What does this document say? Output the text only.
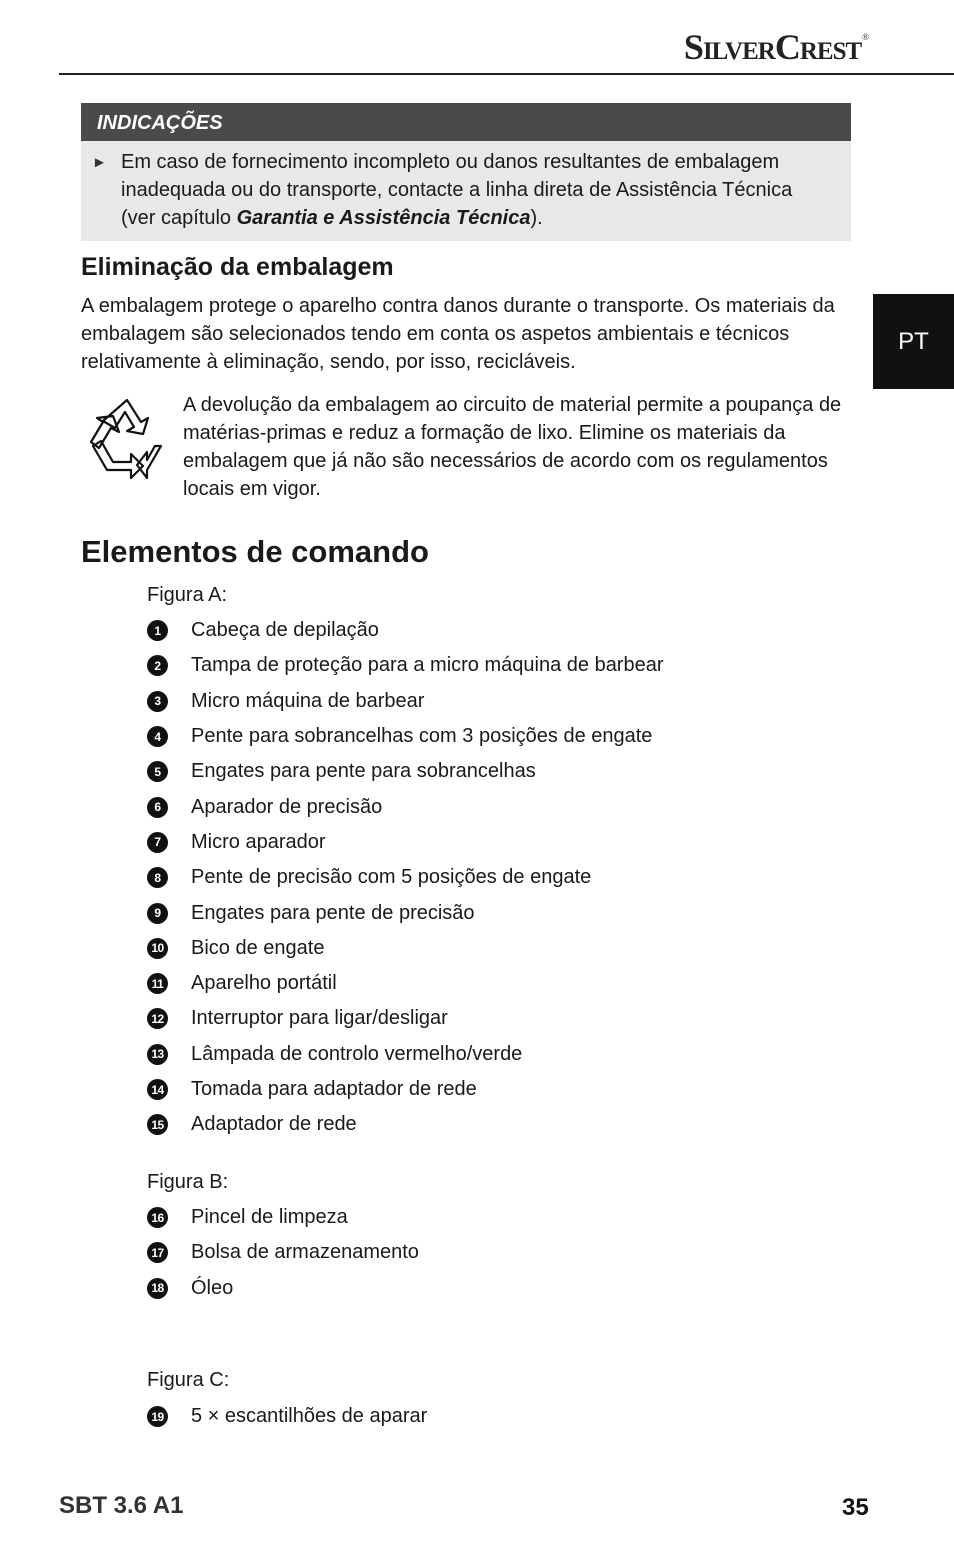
SilverCrest®
INDICAÇÕES
► Em caso de fornecimento incompleto ou danos resultantes de embalagem inadequada ou do transporte, contacte a linha direta de Assistência Técnica (ver capítulo Garantia e Assistência Técnica).
Eliminação da embalagem

A embalagem protege o aparelho contra danos durante o transporte. Os materiais da embalagem são selecionados tendo em conta os aspetos ambientais e técnicos relativamente à eliminação, sendo, por isso, recicláveis.

A devolução da embalagem ao circuito de material permite a poupança de matérias-primas e reduz a formação de lixo. Elimine os materiais da embalagem que já não são necessários de acordo com os regulamentos locais em vigor.

Elementos de comando
Figura A:
1	Cabeça de depilação
2	Tampa de proteção para a micro máquina de barbear
3	Micro máquina de barbear
4	Pente para sobrancelhas com 3 posições de engate
5	Engates para pente para sobrancelhas
6	Aparador de precisão
7	Micro aparador
8	Pente de precisão com 5 posições de engate
9	Engates para pente de precisão
10 Bico de engate
11 Aparelho portátil
12 Interruptor para ligar/desligar
13 Lâmpada de controlo vermelho/verde
14 Tomada para adaptador de rede
15 Adaptador de rede
Figura B:
16 Pincel de limpeza
17 Bolsa de armazenamento
18 Óleo
Figura C:
19 5 × escantilhões de aparar
PT
SBT 3.6 A1	35
